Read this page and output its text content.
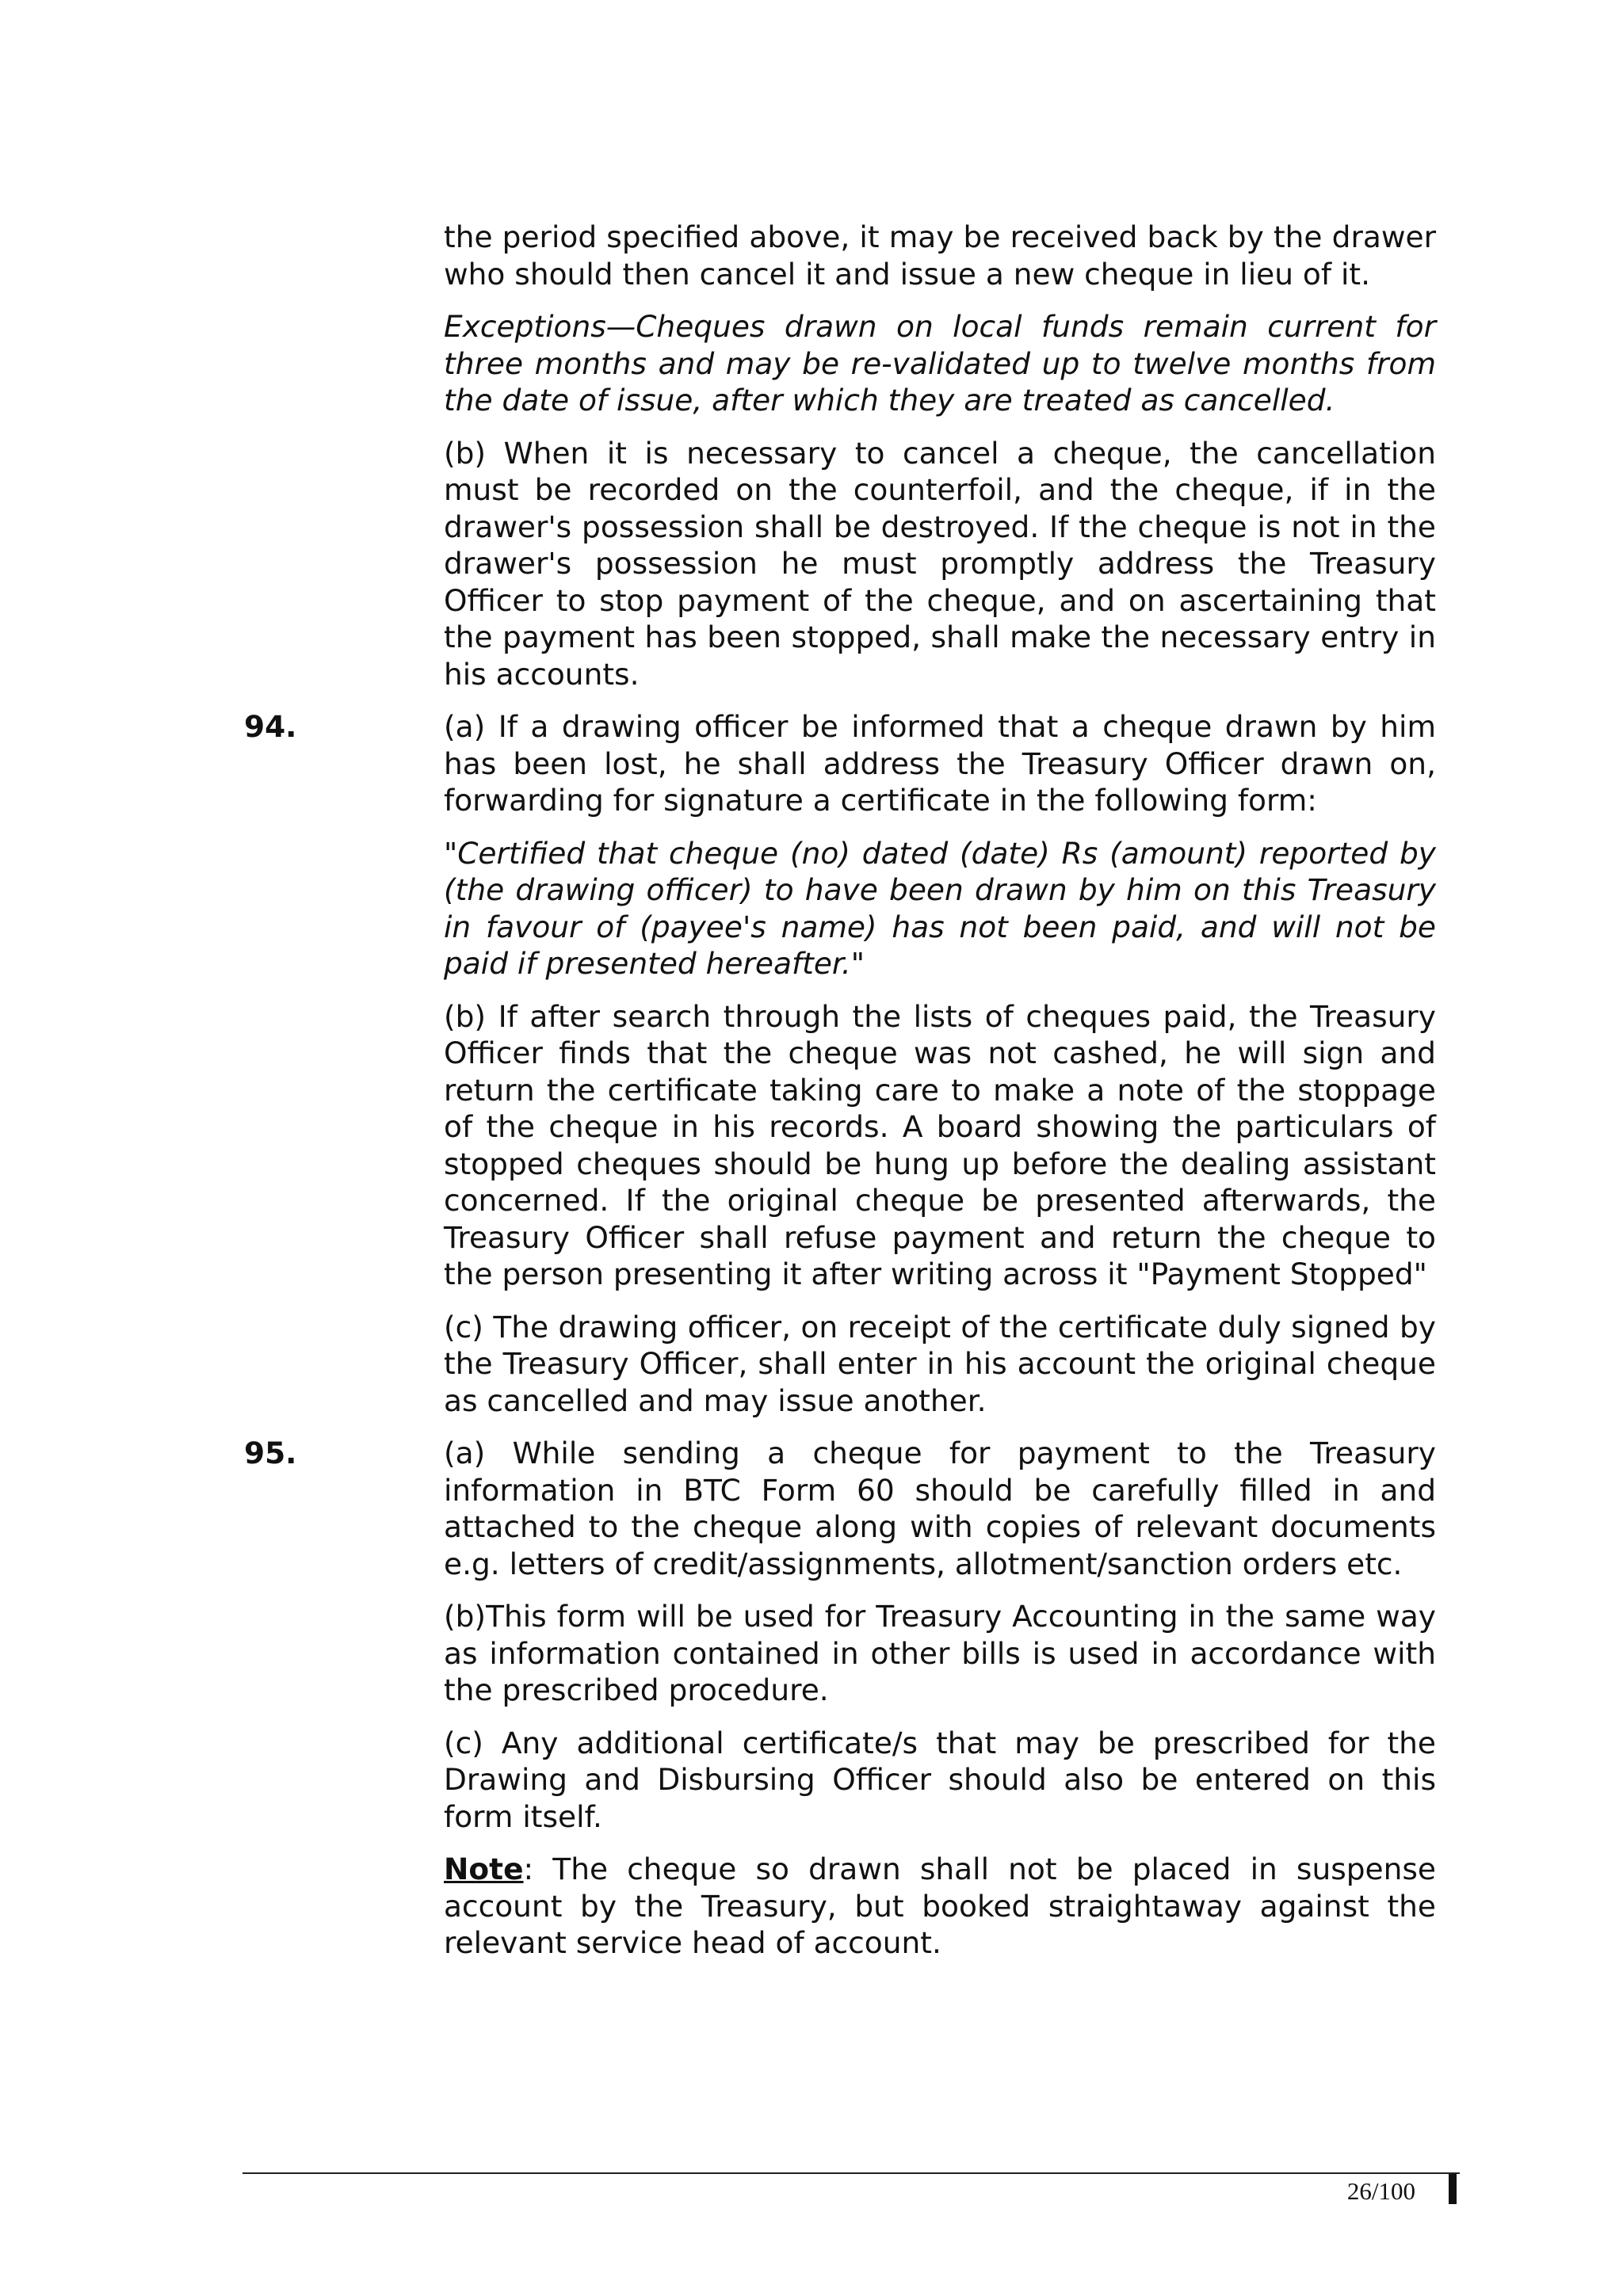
the period specified above, it may be received back by the drawer who should then cancel it and issue a new cheque in lieu of it.

Exceptions—Cheques drawn on local funds remain current for three months and may be re-validated up to twelve months from the date of issue, after which they are treated as cancelled.

(b) When it is necessary to cancel a cheque, the cancellation must be recorded on the counterfoil, and the cheque, if in the drawer's possession shall be destroyed. If the cheque is not in the drawer's possession he must promptly address the Treasury Officer to stop payment of the cheque, and on ascertaining that the payment has been stopped, shall make the necessary entry in his accounts.

94.	(a) If a drawing officer be informed that a cheque drawn by him has been lost, he shall address the Treasury Officer drawn on, forwarding for signature a certificate in the following form:

"Certified that cheque (no) dated (date) Rs (amount) reported by (the drawing officer) to have been drawn by him on this Treasury in favour of (payee's name) has not been paid, and will not be paid if presented hereafter."

(b) If after search through the lists of cheques paid, the Treasury Officer finds that the cheque was not cashed, he will sign and return the certificate taking care to make a note of the stoppage of the cheque in his records. A board showing the particulars of stopped cheques should be hung up before the dealing assistant concerned. If the original cheque be presented afterwards, the Treasury Officer shall refuse payment and return the cheque to the person presenting it after writing across it "Payment Stopped"

(c) The drawing officer, on receipt of the certificate duly signed by the Treasury Officer, shall enter in his account the original cheque as cancelled and may issue another.

95.	(a) While sending a cheque for payment to the Treasury information in BTC Form 60 should be carefully filled in and attached to the cheque along with copies of relevant documents e.g. letters of credit/assignments, allotment/sanction orders etc.

(b)This form will be used for Treasury Accounting in the same way as information contained in other bills is used in accordance with the prescribed procedure.

(c) Any additional certificate/s that may be prescribed for the Drawing and Disbursing Officer should also be entered on this form itself.

Note: The cheque so drawn shall not be placed in suspense account by the Treasury, but booked straightaway against the relevant service head of account.

26/100
